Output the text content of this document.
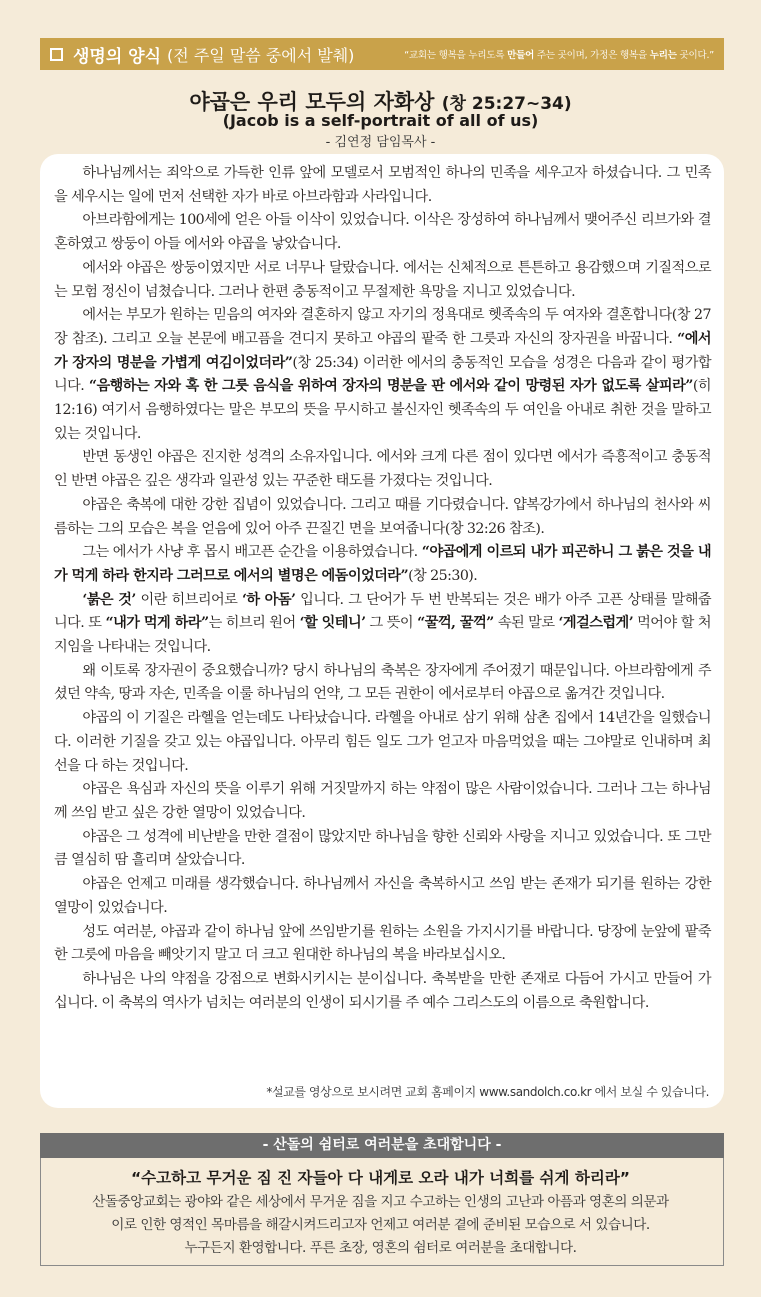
생명의 양식 (전 주일 말씀 중에서 발췌)	“교회는 행복을 누리도록 만들어 주는 곳이며, 가정은 행복을 누리는 곳이다.”
야곱은 우리 모두의 자화상 (창 25:27~34)
(Jacob is a self-portrait of all of us)
- 김연정 담임목사 -

하나님께서는 죄악으로 가득한 인류 앞에 모델로서 모범적인 하나의 민족을 세우고자 하셨습니다. 그 민족을 세우시는 일에 먼저 선택한 자가 바로 아브라함과 사라입니다.

아브라함에게는 100세에 얻은 아들 이삭이 있었습니다. 이삭은 장성하여 하나님께서 맺어주신 리브가와 결혼하였고 쌍둥이 아들 에서와 야곱을 낳았습니다.

에서와 야곱은 쌍둥이였지만 서로 너무나 달랐습니다. 에서는 신체적으로 튼튼하고 용감했으며 기질적으로는 모험 정신이 넘쳤습니다. 그러나 한편 충동적이고 무절제한 욕망을 지니고 있었습니다.

에서는 부모가 원하는 믿음의 여자와 결혼하지 않고 자기의 정욕대로 헷족속의 두 여자와 결혼합니다(창 27장 참조). 그리고 오늘 본문에 배고픔을 견디지 못하고 야곱의 팥죽 한 그릇과 자신의 장자권을 바꿉니다. “에서가 장자의 명분을 가볍게 여김이었더라”(창 25:34) 이러한 에서의 충동적인 모습을 성경은 다음과 같이 평가합니다. “음행하는 자와 혹 한 그릇 음식을 위하여 장자의 명분을 판 에서와 같이 망령된 자가 없도록 살피라”(히 12:16) 여기서 음행하였다는 말은 부모의 뜻을 무시하고 불신자인 헷족속의 두 여인을 아내로 취한 것을 말하고 있는 것입니다.

반면 동생인 야곱은 진지한 성격의 소유자입니다. 에서와 크게 다른 점이 있다면 에서가 즉흥적이고 충동적인 반면 야곱은 깊은 생각과 일관성 있는 꾸준한 태도를 가졌다는 것입니다.

야곱은 축복에 대한 강한 집념이 있었습니다. 그리고 때를 기다렸습니다. 얍복강가에서 하나님의 천사와 씨름하는 그의 모습은 복을 얻음에 있어 아주 끈질긴 면을 보여줍니다(창 32:26 참조).

그는 에서가 사냥 후 몹시 배고픈 순간을 이용하였습니다. “야곱에게 이르되 내가 피곤하니 그 붉은 것을 내가 먹게 하라 한지라 그러므로 에서의 별명은 에돔이었더라”(창 25:30).

‘붉은 것’ 이란 히브리어로 ‘하 아돔’ 입니다. 그 단어가 두 번 반복되는 것은 배가 아주 고픈 상태를 말해줍니다. 또 “내가 먹게 하라”는 히브리 원어 ‘할 잇테니’ 그 뜻이 “꿀꺽, 꿀꺽” 속된 말로 ‘게걸스럽게’ 먹어야 할 처지임을 나타내는 것입니다.

왜 이토록 장자권이 중요했습니까? 당시 하나님의 축복은 장자에게 주어졌기 때문입니다. 아브라함에게 주셨던 약속, 땅과 자손, 민족을 이룰 하나님의 언약, 그 모든 권한이 에서로부터 야곱으로 옮겨간 것입니다.

야곱의 이 기질은 라헬을 얻는데도 나타났습니다. 라헬을 아내로 삼기 위해 삼촌 집에서 14년간을 일했습니다. 이러한 기질을 갖고 있는 야곱입니다. 아무리 힘든 일도 그가 얻고자 마음먹었을 때는 그야말로 인내하며 최선을 다 하는 것입니다.

야곱은 욕심과 자신의 뜻을 이루기 위해 거짓말까지 하는 약점이 많은 사람이었습니다. 그러나 그는 하나님께 쓰임 받고 싶은 강한 열망이 있었습니다.

야곱은 그 성격에 비난받을 만한 결점이 많았지만 하나님을 향한 신뢰와 사랑을 지니고 있었습니다. 또 그만큼 열심히 땀 흘리며 살았습니다.

야곱은 언제고 미래를 생각했습니다. 하나님께서 자신을 축복하시고 쓰임 받는 존재가 되기를 원하는 강한 열망이 있었습니다.

성도 여러분, 야곱과 같이 하나님 앞에 쓰임받기를 원하는 소원을 가지시기를 바랍니다. 당장에 눈앞에 팥죽 한 그릇에 마음을 빼앗기지 말고 더 크고 원대한 하나님의 복을 바라보십시오.

하나님은 나의 약점을 강점으로 변화시키시는 분이십니다. 축복받을 만한 존재로 다듬어 가시고 만들어 가십니다. 이 축복의 역사가 넘치는 여러분의 인생이 되시기를 주 예수 그리스도의 이름으로 축원합니다.

*설교를 영상으로 보시려면 교회 홈페이지 www.sandolch.co.kr 에서 보실 수 있습니다.
- 산돌의 쉼터로 여러분을 초대합니다 -
“수고하고 무거운 짐 진 자들아 다 내게로 오라 내가 너희를 쉬게 하리라”
산돌중앙교회는 광야와 같은 세상에서 무거운 짐을 지고 수고하는 인생의 고난과 아픔과 영혼의 의문과
이로 인한 영적인 목마름을 해갈시켜드리고자 언제고 여러분 곁에 준비된 모습으로 서 있습니다.
누구든지 환영합니다. 푸른 초장, 영혼의 쉼터로 여러분을 초대합니다.
